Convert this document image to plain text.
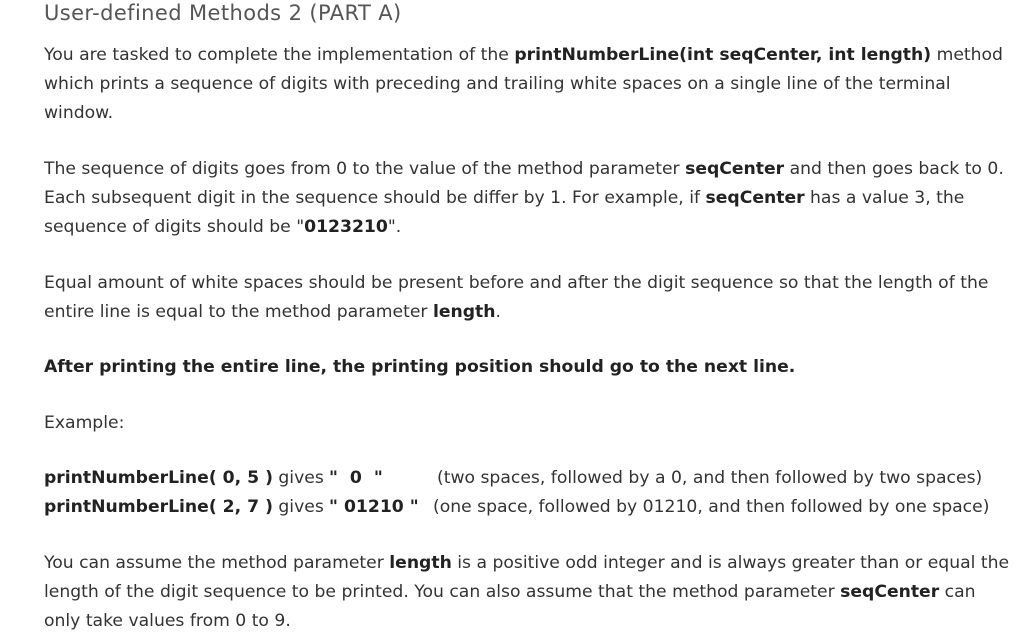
User-defined Methods 2 (PART A)
You are tasked to complete the implementation of the printNumberLine(int seqCenter, int length) method
which prints a sequence of digits with preceding and trailing white spaces on a single line of the terminal
window.
The sequence of digits goes from 0 to the value of the method parameter seqCenter and then goes back to 0.
Each subsequent digit in the sequence should be differ by 1. For example, if seqCenter has a value 3, the
sequence of digits should be "0123210".
Equal amount of white spaces should be present before and after the digit sequence so that the length of the
entire line is equal to the method parameter length.
After printing the entire line, the printing position should go to the next line.
Example:
printNumberLine( 0, 5 ) gives "  0  "	(two spaces, followed by a 0, and then followed by two spaces)
printNumberLine( 2, 7 ) gives " 01210 " (one space, followed by 01210, and then followed by one space)
You can assume the method parameter length is a positive odd integer and is always greater than or equal the
length of the digit sequence to be printed. You can also assume that the method parameter seqCenter can
only take values from 0 to 9.
